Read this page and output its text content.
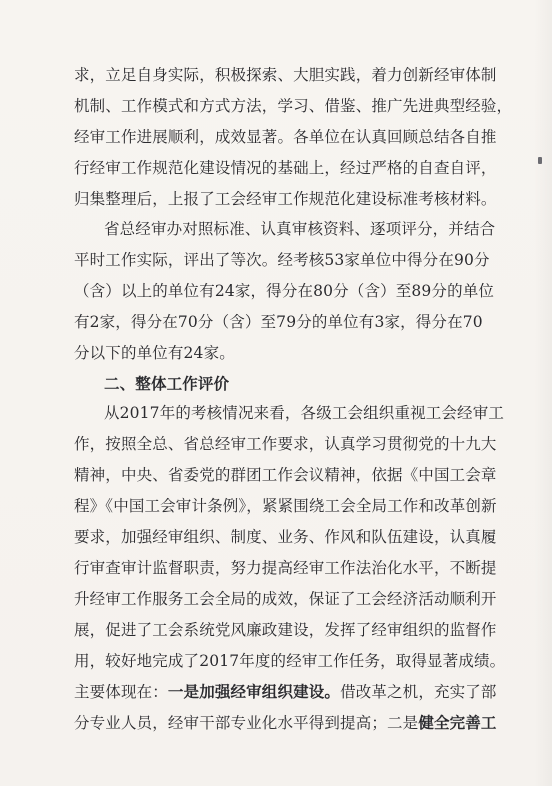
求，立足自身实际，积极探索、大胆实践，着力创新经审体制
机制、工作模式和方式方法，学习、借鉴、推广先进典型经验，
经审工作进展顺利，成效显著。各单位在认真回顾总结各自推
行经审工作规范化建设情况的基础上，经过严格的自查自评，
归集整理后，上报了工会经审工作规范化建设标准考核材料。
省总经审办对照标准、认真审核资料、逐项评分，并结合
平时工作实际，评出了等次。经考核53家单位中得分在90分
（含）以上的单位有24家，得分在80分（含）至89分的单位
有2家，得分在70分（含）至79分的单位有3家，得分在70
分以下的单位有24家。
二、整体工作评价
从2017年的考核情况来看，各级工会组织重视工会经审工
作，按照全总、省总经审工作要求，认真学习贯彻党的十九大
精神，中央、省委党的群团工作会议精神，依据《中国工会章
程》《中国工会审计条例》，紧紧围绕工会全局工作和改革创新
要求，加强经审组织、制度、业务、作风和队伍建设，认真履
行审查审计监督职责，努力提高经审工作法治化水平，不断提
升经审工作服务工会全局的成效，保证了工会经济活动顺利开
展，促进了工会系统党风廉政建设，发挥了经审组织的监督作
用，较好地完成了2017年度的经审工作任务，取得显著成绩。
主要体现在：一是加强经审组织建设。借改革之机，充实了部
分专业人员，经审干部专业化水平得到提高；二是健全完善工
